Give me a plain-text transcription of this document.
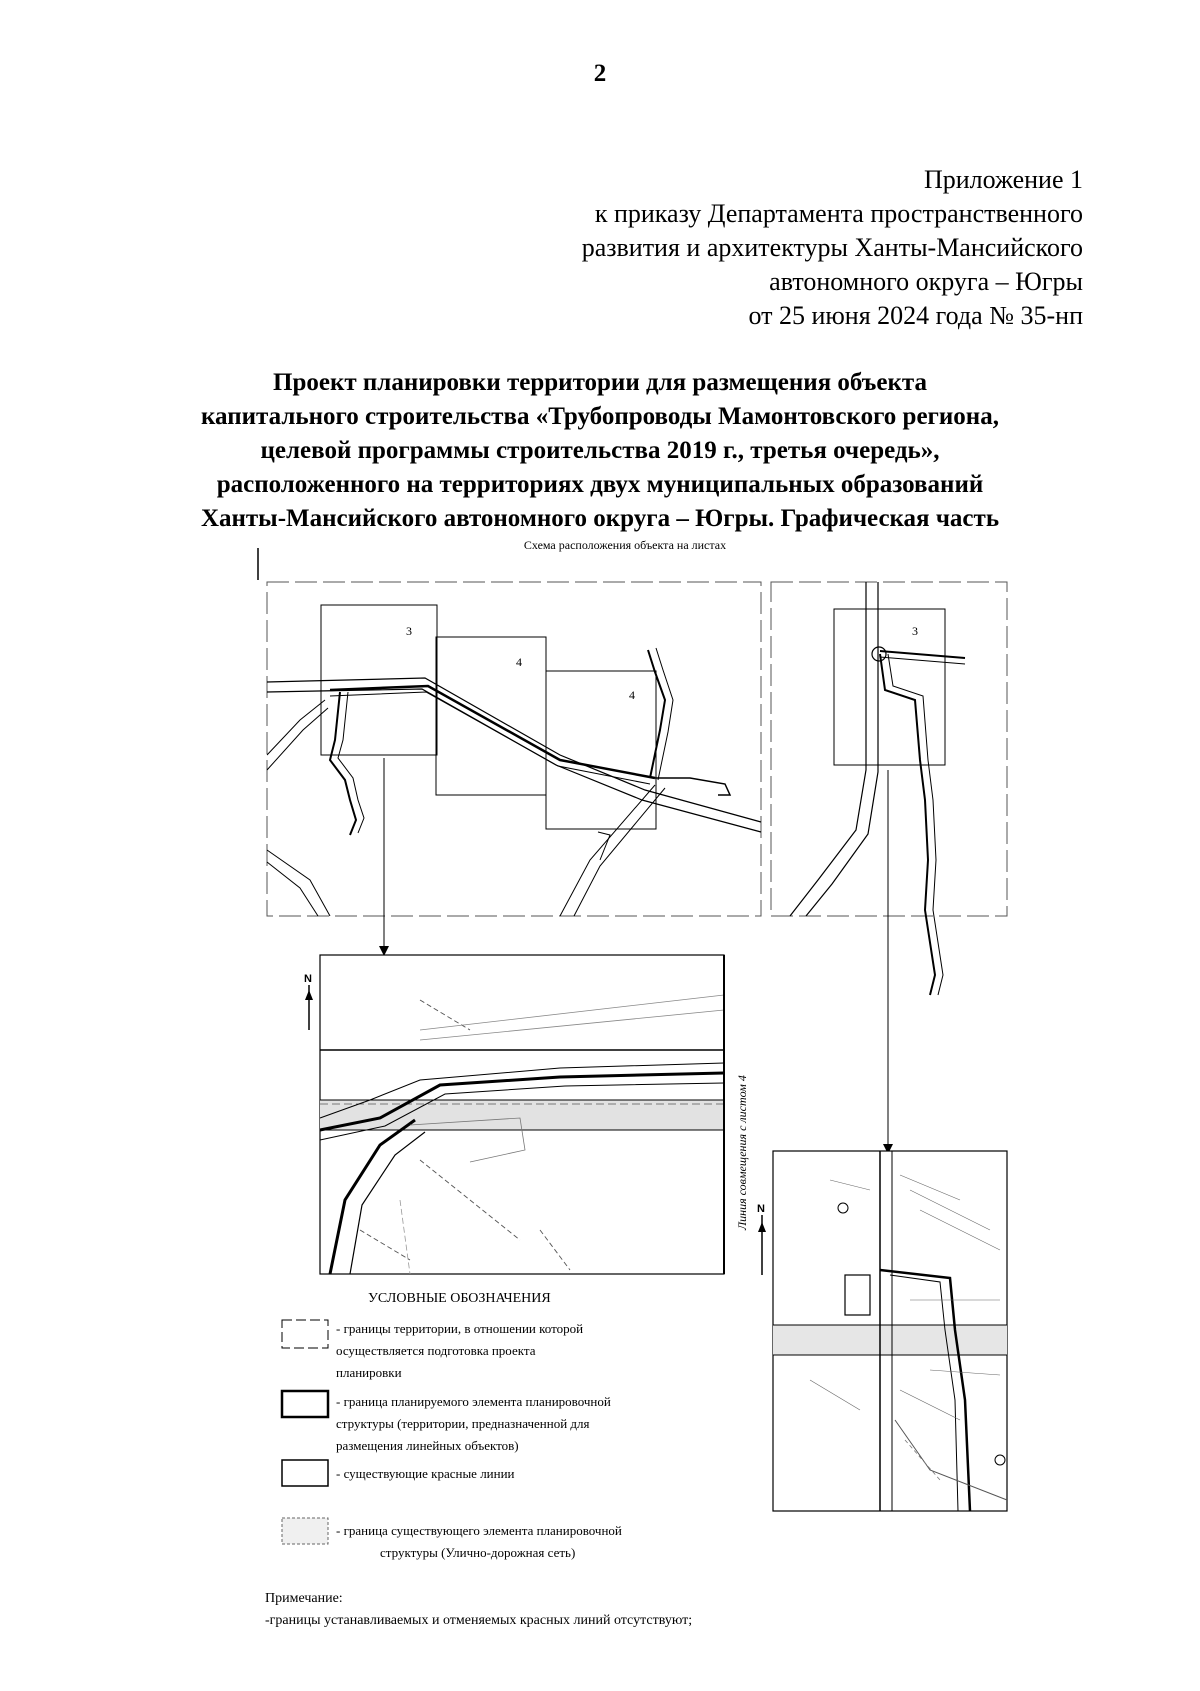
2
Приложение 1
к приказу Департамента пространственного
развития и архитектуры Ханты-Мансийского
автономного округа – Югры
от 25 июня 2024 года № 35-нп
Проект планировки территории для размещения объекта
капитального строительства «Трубопроводы Мамонтовского региона,
целевой программы строительства 2019 г., третья очередь»,
расположенного на территориях двух муниципальных образований
Ханты-Мансийского автономного округа – Югры. Графическая часть
Схема расположения объекта на листах
3
4
4
3
Линия совмещения с листом 4
N
N
УСЛОВНЫЕ ОБОЗНАЧЕНИЯ
- границы территории, в отношении которой
осуществляется подготовка проекта
планировки
- граница планируемого элемента планировочной
структуры (территории, предназначенной для
размещения линейных объектов)
- существующие красные линии
- граница существующего элемента планировочной
структуры (Улично-дорожная сеть)
Примечание:
-границы устанавливаемых и отменяемых красных линий отсутствуют;
